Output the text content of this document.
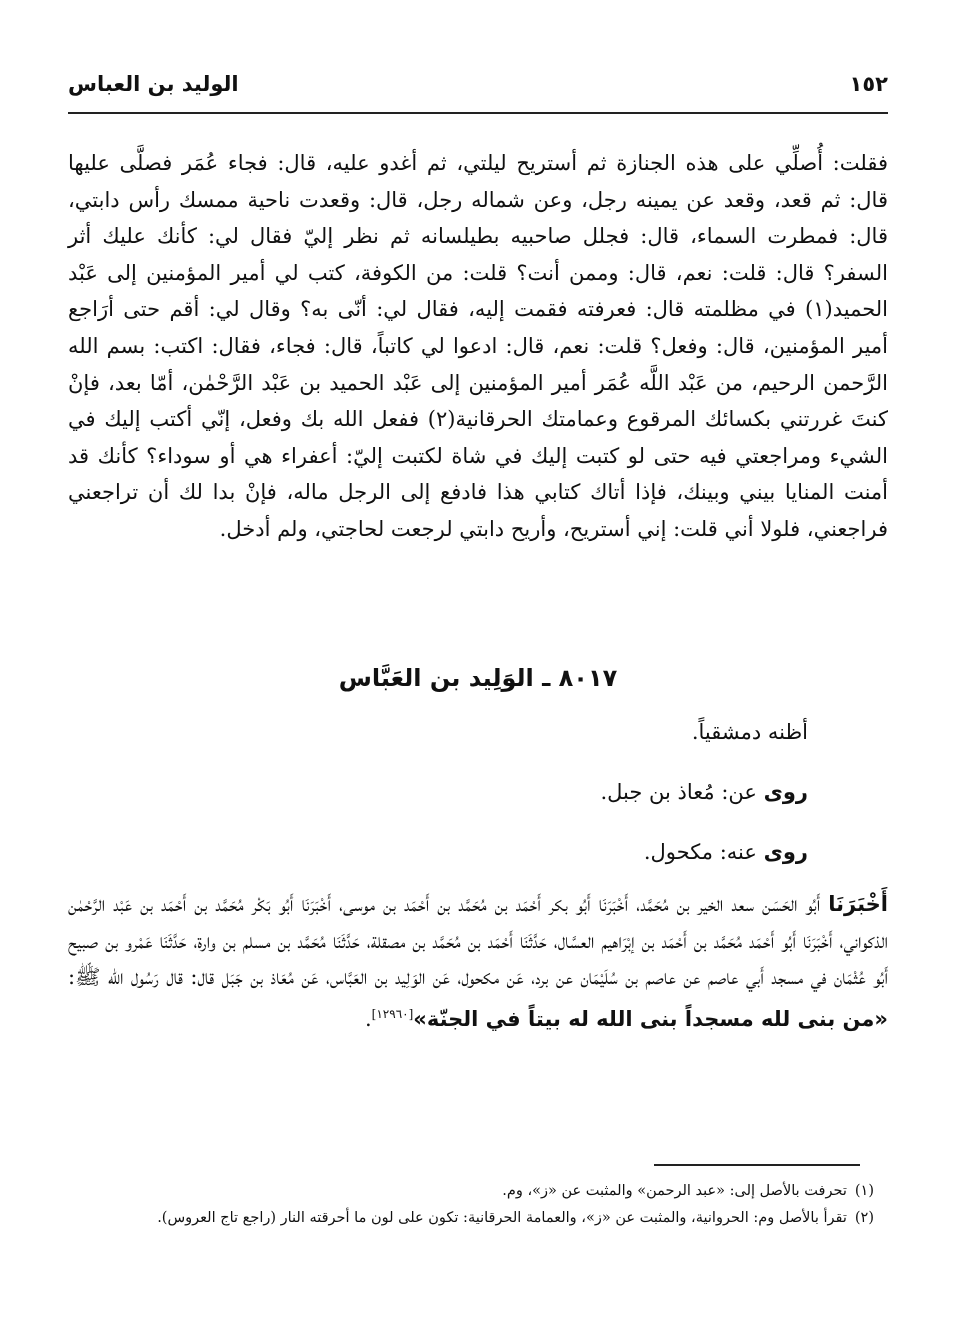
١٥٢
الوليد بن العباس
فقلت: أُصلِّي على هذه الجنازة ثم أستريح ليلتي، ثم أغدو عليه، قال: فجاء عُمَر فصلَّى عليها قال: ثم قعد، وقعد عن يمينه رجل، وعن شماله رجل، قال: وقعدت ناحية ممسك رأس دابتي، قال: فمطرت السماء، قال: فجلل صاحبيه بطيلسانه ثم نظر إليّ فقال لي: كأنك عليك أثر السفر؟ قال: قلت: نعم، قال: وممن أنت؟ قلت: من الكوفة، كتب لي أمير المؤمنين إلى عَبْد الحميد(١) في مظلمته قال: فعرفته فقمت إليه، فقال لي: أنّى به؟ وقال لي: أقم حتى أرَاجع أمير المؤمنين، قال: وفعل؟ قلت: نعم، قال: ادعوا لي كاتباً، قال: فجاء، فقال: اكتب: بسم الله الرَّحمن الرحيم، من عَبْد اللَّه عُمَر أمير المؤمنين إلى عَبْد الحميد بن عَبْد الرَّحْمٰن، أمّا بعد، فإنْ كنتَ غررتني بكسائك المرقوع وعمامتك الحرقانية(٢) ففعل الله بك وفعل، إنّي أكتب إليك في الشيء ومراجعتي فيه حتى لو كتبت إليك في شاة لكتبت إليّ: أعفراء هي أو سوداء؟ كأنك قد أمنت المنايا بيني وبينك، فإذا أتاك كتابي هذا فادفع إلى الرجل ماله، فإنْ بدا لك أن تراجعني فراجعني، فلولا أني قلت: إني أستريح، وأريح دابتي لرجعت لحاجتي، ولم أدخل.
٨٠١٧ ـ الوَلِيد بن العَبَّاس
أظنه دمشقياً.
روى عن: مُعاذ بن جبل.
روى عنه: مكحول.
أَخْبَرَنَا أَبُو الحَسَن سعد الخير بن مُحَمَّد، أَخْبَرَنَا أَبُو بكر أَحْمَد بن مُحَمَّد بن أَحْمَد بن موسى، أَخْبَرَنَا أَبُو بَكْر مُحَمَّد بن أَحْمَد بن عَبْد الرَّحْمٰن الذكواني، أَخْبَرَنَا أَبُو أَحْمَد مُحَمَّد بن أَحْمَد بن إبْرَاهيم العسَّال، حَدَّثَنَا أَحْمَد بن مُحَمَّد بن مصقلة، حَدَّثَنَا مُحَمَّد بن مسلم بن وارة، حَدَّثَنَا عَمْرو بن صبيح أَبُو عُثْمَان في مسجد أَبي عاصم عن عاصم بن سُلَيْمَان عن برد، عَن مكحول، عَن الوَلِيد بن العَبَّاس، عَن مُعَاذ بن جَبَل قال: قال رَسُول الله ﷺ: «من بنى لله مسجداً بنى الله له بيتاً في الجنّة»[١٢٩٦٠].
(١)تحرفت بالأصل إلى: «عبد الرحمن» والمثبت عن «ز»، وم.
(٢)تقرأ بالأصل وم: الحروانية، والمثبت عن «ز»، والعمامة الحرقانية: تكون على لون ما أحرقته النار (راجع تاج العروس).
